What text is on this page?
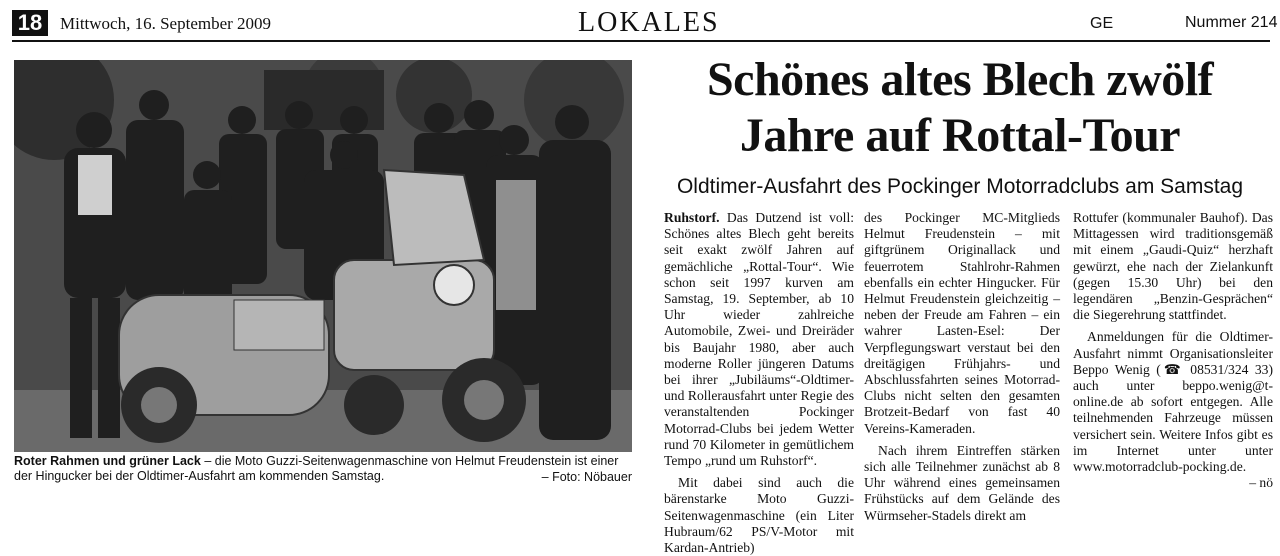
18	Mittwoch, 16. September 2009	LOKALES	GE	Nummer 214
Roter Rahmen und grüner Lack – die Moto Guzzi-Seitenwagenmaschine von Helmut Freudenstein ist einer der Hingucker bei der Oldtimer-Ausfahrt am kommenden Samstag.	– Foto: Nöbauer
Schönes altes Blech zwölf Jahre auf Rottal-Tour
Oldtimer-Ausfahrt des Pockinger Motorradclubs am Samstag

Ruhstorf. Das Dutzend ist voll: Schönes altes Blech geht bereits seit exakt zwölf Jahren auf gemächliche „Rottal-Tour“. Wie schon seit 1997 kurven am Samstag, 19. September, ab 10 Uhr wieder zahlreiche Automobile, Zwei- und Dreiräder bis Baujahr 1980, aber auch moderne Roller jüngeren Datums bei ihrer „Jubiläums“-Oldtimer- und Rollerausfahrt unter Regie des veranstaltenden Pockinger Motorrad-Clubs bei jedem Wetter rund 70 Kilometer in gemütlichem Tempo „rund um Ruhstorf“.

Mit dabei sind auch die bärenstarke Moto Guzzi-Seitenwagenmaschine (ein Liter Hubraum/62 PS/V-Motor mit Kardan-Antrieb)

des Pockinger MC-Mitglieds Helmut Freudenstein – mit giftgrünem Originallack und feuerrotem Stahlrohr-Rahmen ebenfalls ein echter Hingucker. Für Helmut Freudenstein gleichzeitig – neben der Freude am Fahren – ein wahrer Lasten-Esel: Der Verpflegungswart verstaut bei den dreitägigen Frühjahrs- und Abschlussfahrten seines Motorrad-Clubs nicht selten den gesamten Brotzeit-Bedarf von fast 40 Vereins-Kameraden.

Nach ihrem Eintreffen stärken sich alle Teilnehmer zunächst ab 8 Uhr während eines gemeinsamen Frühstücks auf dem Gelände des Würmseher-Stadels direkt am

Rottufer (kommunaler Bauhof). Das Mittagessen wird traditionsgemäß mit einem „Gaudi-Quiz“ herzhaft gewürzt, ehe nach der Zielankunft (gegen 15.30 Uhr) bei den legendären „Benzin-Gesprächen“ die Siegerehrung stattfindet.

Anmeldungen für die Oldtimer-Ausfahrt nimmt Organisationsleiter Beppo Wenig (☎ 08531/324 33) auch unter beppo.wenig@t-online.de ab sofort entgegen. Alle teilnehmenden Fahrzeuge müssen versichert sein. Weitere Infos gibt es im Internet unter unter www.motorradclub-pocking.de.

– nö
